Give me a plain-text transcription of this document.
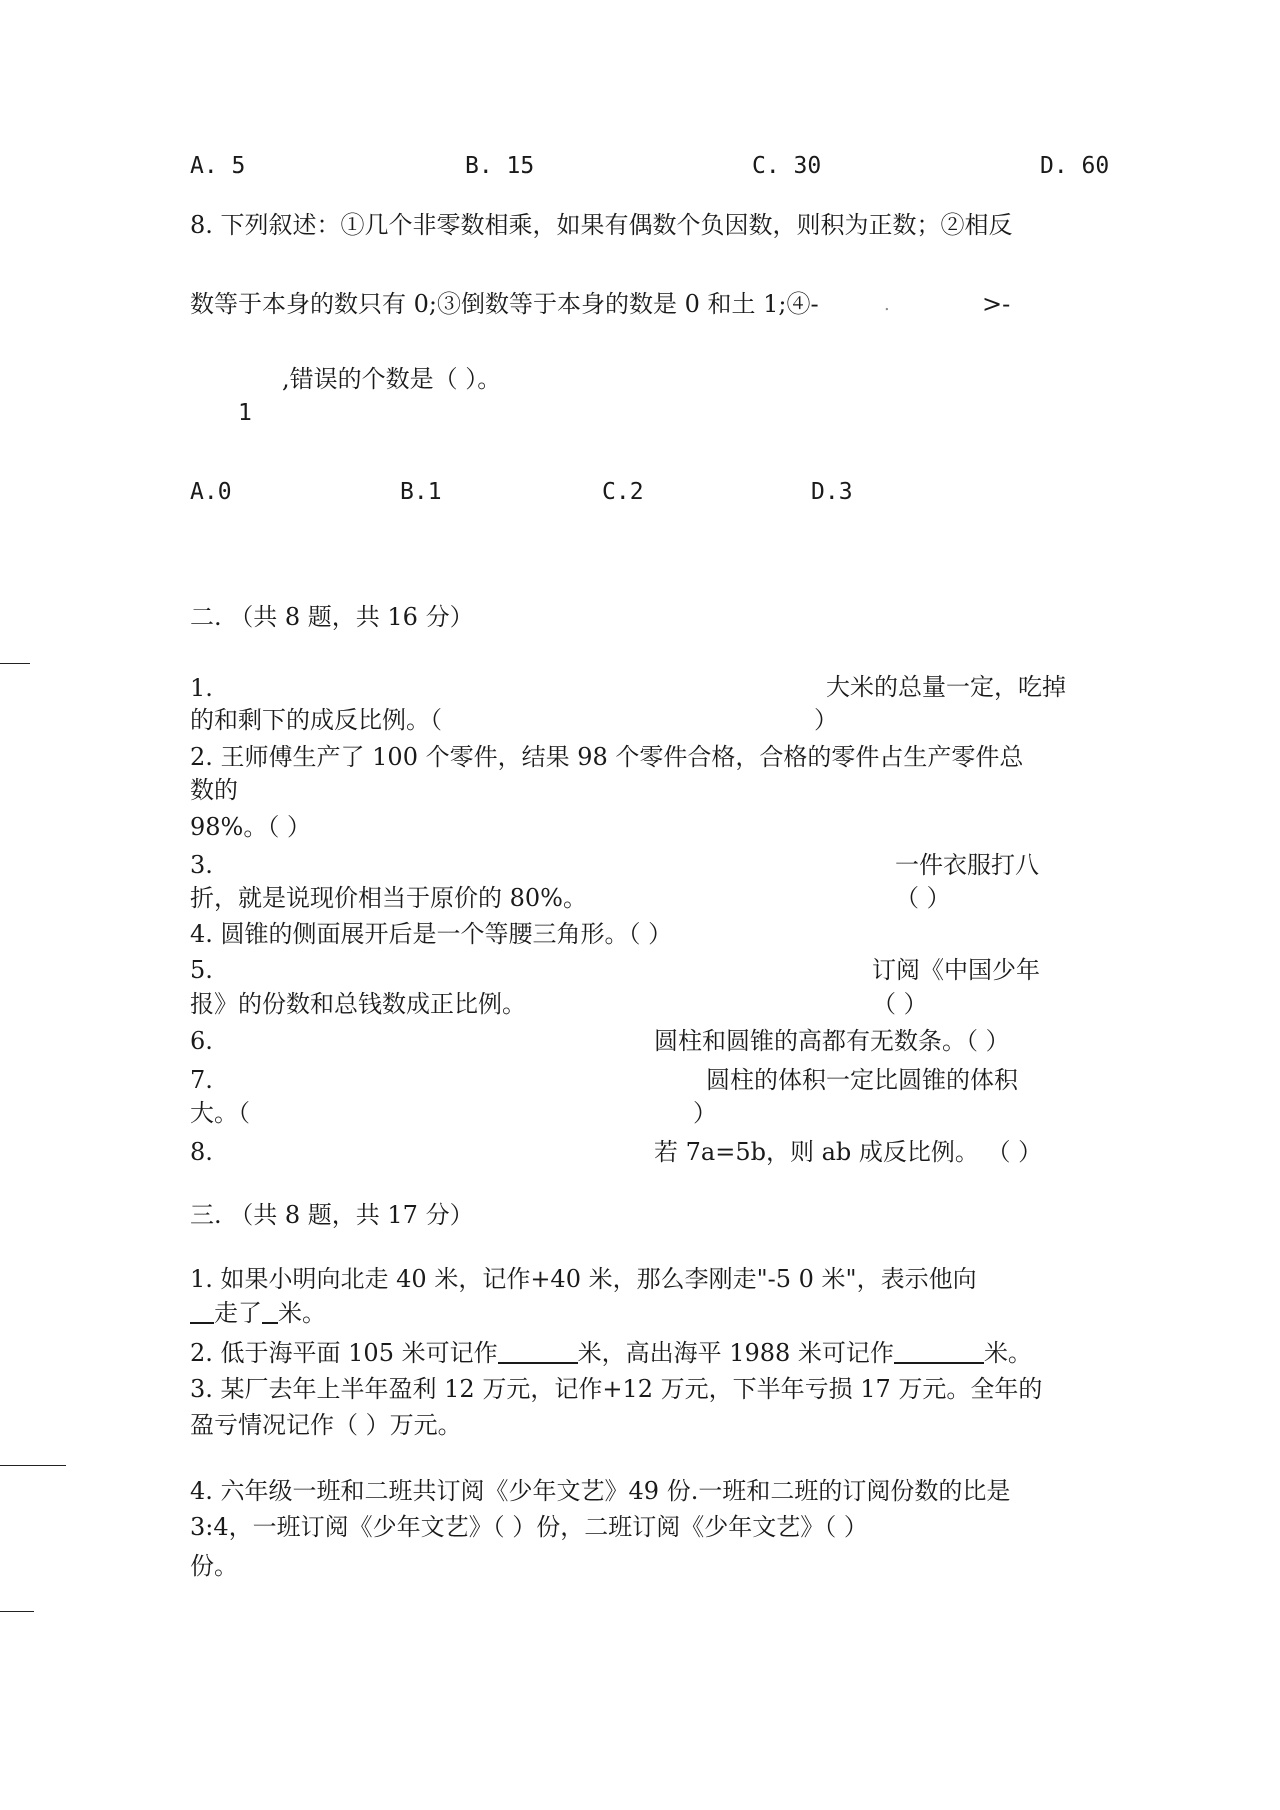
A. 5	B. 15	C. 30	D. 60
8. 下列叙述：①几个非零数相乘，如果有偶数个负因数，则积为正数；②相反
数等于本身的数只有 0;③倒数等于本身的数是 0 和土 1;④-	.	>-
,错误的个数是（ ）。
1
A.0	B.1	C.2	D.3
二. （共 8 题，共 16 分）
1.	大米的总量一定，吃掉
的和剩下的成反比例。（	）
2. 王师傅生产了 100 个零件，结果 98 个零件合格，合格的零件占生产零件总
数的
98%。（ ）
3.	一件衣服打八
折，就是说现价相当于原价的 80%。	（ ）
4. 圆锥的侧面展开后是一个等腰三角形。（ ）
5.	订阅《中国少年
报》的份数和总钱数成正比例。	（ ）
6.	圆柱和圆锥的高都有无数条。（ ）
7.	圆柱的体积一定比圆锥的体积
大。（	）
8.	若 7a=5b，则 ab 成反比例。 （ ）
三. （共 8 题，共 17 分）
1. 如果小明向北走 40 米，记作+40 米，那么李刚走"-5 0 米"，表示他向
走了 米。
2. 低于海平面 105 米可记作	米，高出海平 1988 米可记作	米。
3. 某厂去年上半年盈利 12 万元，记作+12 万元，下半年亏损 17 万元。全年的
盈亏情况记作（ ）万元。
4. 六年级一班和二班共订阅《少年文艺》49 份.一班和二班的订阅份数的比是
3:4，一班订阅《少年文艺》（ ）份，二班订阅《少年文艺》（ ）
份。
